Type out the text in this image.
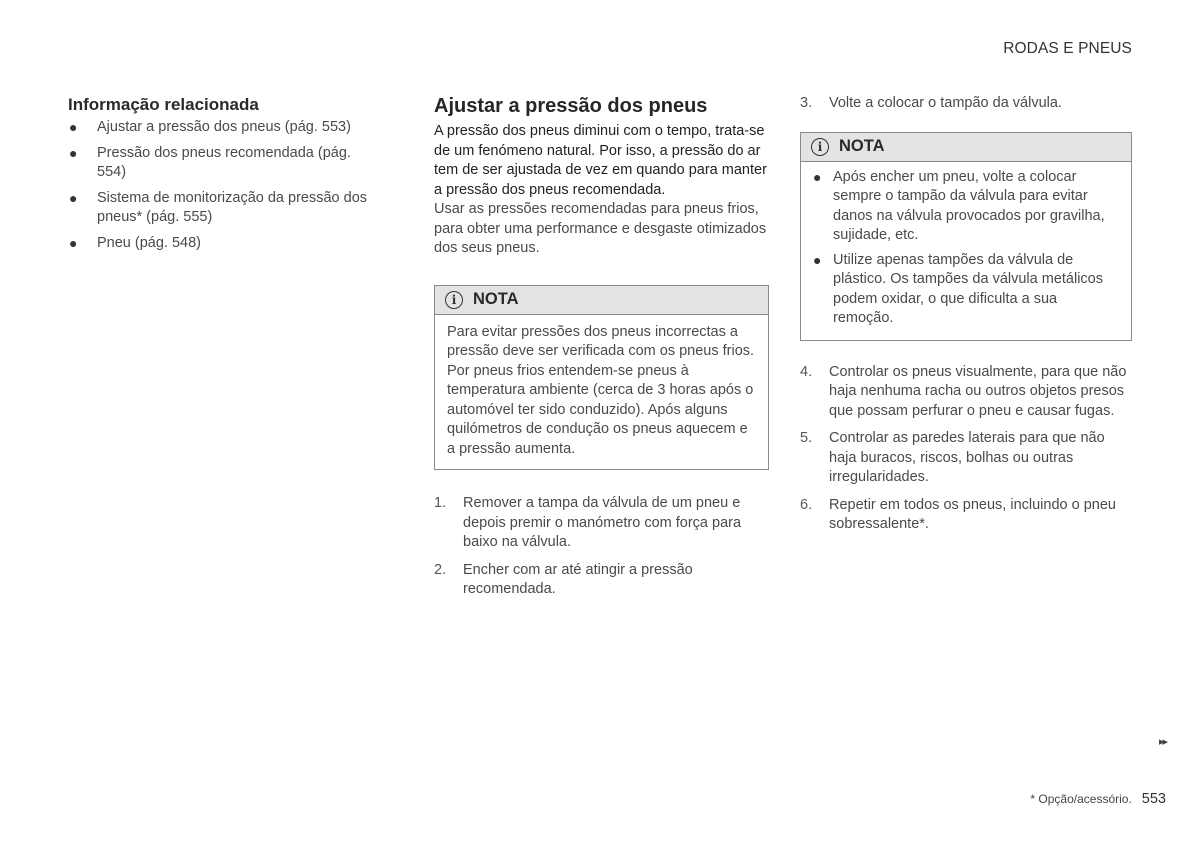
RODAS E PNEUS
Informação relacionada
● Ajustar a pressão dos pneus (pág. 553)
● Pressão dos pneus recomendada (pág. 554)
● Sistema de monitorização da pressão dos pneus* (pág. 555)
● Pneu (pág. 548)
Ajustar a pressão dos pneus

A pressão dos pneus diminui com o tempo, trata-se de um fenómeno natural. Por isso, a pressão do ar tem de ser ajustada de vez em quando para manter a pressão dos pneus recomendada.

Usar as pressões recomendadas para pneus frios, para obter uma performance e desgaste otimizados dos seus pneus.

i	NOTA

Para evitar pressões dos pneus incorrectas a pressão deve ser verificada com os pneus frios. Por pneus frios entendem-se pneus à temperatura ambiente (cerca de 3 horas após o automóvel ter sido conduzido). Após alguns quilómetros de condução os pneus aquecem e a pressão aumenta.

1. Remover a tampa da válvula de um pneu e depois premir o manómetro com força para baixo na válvula.
2. Encher com ar até atingir a pressão recomendada.
3. Volte a colocar o tampão da válvula.
i	NOTA
● Após encher um pneu, volte a colocar sempre o tampão da válvula para evitar danos na válvula provocados por gravilha, sujidade, etc.
● Utilize apenas tampões da válvula de plástico. Os tampões da válvula metálicos podem oxidar, o que dificulta a sua remoção.
4. Controlar os pneus visualmente, para que não haja nenhuma racha ou outros objetos presos que possam perfurar o pneu e causar fugas.
5. Controlar as paredes laterais para que não haja buracos, riscos, bolhas ou outras irregularidades.
6. Repetir em todos os pneus, incluindo o pneu sobressalente*.
▸▸
* Opção/acessório. 553
